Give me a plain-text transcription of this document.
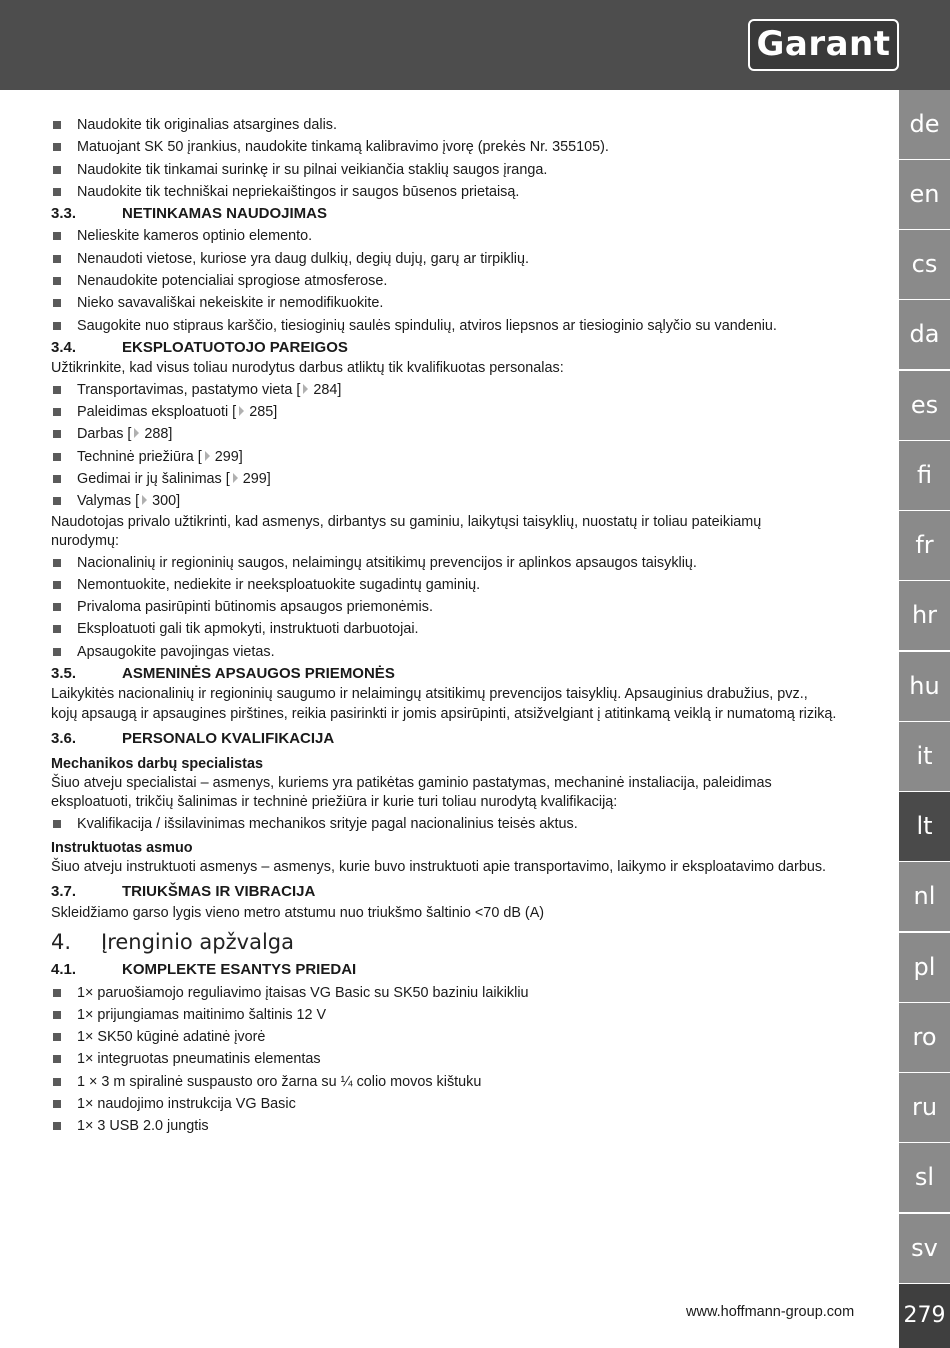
Garant
de
en
cs
da
es
fi
fr
hr
hu
it
lt
nl
pl
ro
ru
sl
sv
279
Naudokite tik originalias atsargines dalis.
Matuojant SK 50 įrankius, naudokite tinkamą kalibravimo įvorę (prekės Nr. 355105).
Naudokite tik tinkamai surinkę ir su pilnai veikiančia staklių saugos įranga.
Naudokite tik techniškai nepriekaištingos ir saugos būsenos prietaisą.
3.3.	NETINKAMAS NAUDOJIMAS
Nelieskite kameros optinio elemento.
Nenaudoti vietose, kuriose yra daug dulkių, degių dujų, garų ar tirpiklių.
Nenaudokite potencialiai sprogiose atmosferose.
Nieko savavališkai nekeiskite ir nemodifikuokite.
Saugokite nuo stipraus karščio, tiesioginių saulės spindulių, atviros liepsnos ar tiesioginio sąlyčio su vandeniu.
3.4.	EKSPLOATUOTOJO PAREIGOS
Užtikrinkite, kad visus toliau nurodytus darbus atliktų tik kvalifikuotas personalas:
Transportavimas, pastatymo vieta [ 284]
Paleidimas eksploatuoti [ 285]
Darbas [ 288]
Techninė priežiūra [ 299]
Gedimai ir jų šalinimas [ 299]
Valymas [ 300]
Naudotojas privalo užtikrinti, kad asmenys, dirbantys su gaminiu, laikytųsi taisyklių, nuostatų ir toliau pateikiamų
nurodymų:
Nacionalinių ir regioninių saugos, nelaimingų atsitikimų prevencijos ir aplinkos apsaugos taisyklių.
Nemontuokite, nediekite ir neeksploatuokite sugadintų gaminių.
Privaloma pasirūpinti būtinomis apsaugos priemonėmis.
Eksploatuoti gali tik apmokyti, instruktuoti darbuotojai.
Apsaugokite pavojingas vietas.
3.5.	ASMENINĖS APSAUGOS PRIEMONĖS
Laikykitės nacionalinių ir regioninių saugumo ir nelaimingų atsitikimų prevencijos taisyklių. Apsauginius drabužius, pvz.,
kojų apsaugą ir apsaugines pirštines, reikia pasirinkti ir jomis apsirūpinti, atsižvelgiant į atitinkamą veiklą ir numatomą riziką.
3.6.	PERSONALO KVALIFIKACIJA
Mechanikos darbų specialistas
Šiuo atveju specialistai – asmenys, kuriems yra patikėtas gaminio pastatymas, mechaninė instaliacija, paleidimas
eksploatuoti, trikčių šalinimas ir techninė priežiūra ir kurie turi toliau nurodytą kvalifikaciją:
Kvalifikacija / išsilavinimas mechanikos srityje pagal nacionalinius teisės aktus.
Instruktuotas asmuo
Šiuo atveju instruktuoti asmenys – asmenys, kurie buvo instruktuoti apie transportavimo, laikymo ir eksploatavimo darbus.
3.7.	TRIUKŠMAS IR VIBRACIJA
Skleidžiamo garso lygis vieno metro atstumu nuo triukšmo šaltinio <70 dB (A)
4. Įrenginio apžvalga
4.1.	KOMPLEKTE ESANTYS PRIEDAI
1× paruošiamojo reguliavimo įtaisas VG Basic su SK50 baziniu laikikliu
1× prijungiamas maitinimo šaltinis 12 V
1× SK50 kūginė adatinė įvorė
1× integruotas pneumatinis elementas
1 × 3 m spiralinė suspausto oro žarna su ¼ colio movos kištuku
1× naudojimo instrukcija VG Basic
1× 3 USB 2.0 jungtis
www.hoffmann-group.com
